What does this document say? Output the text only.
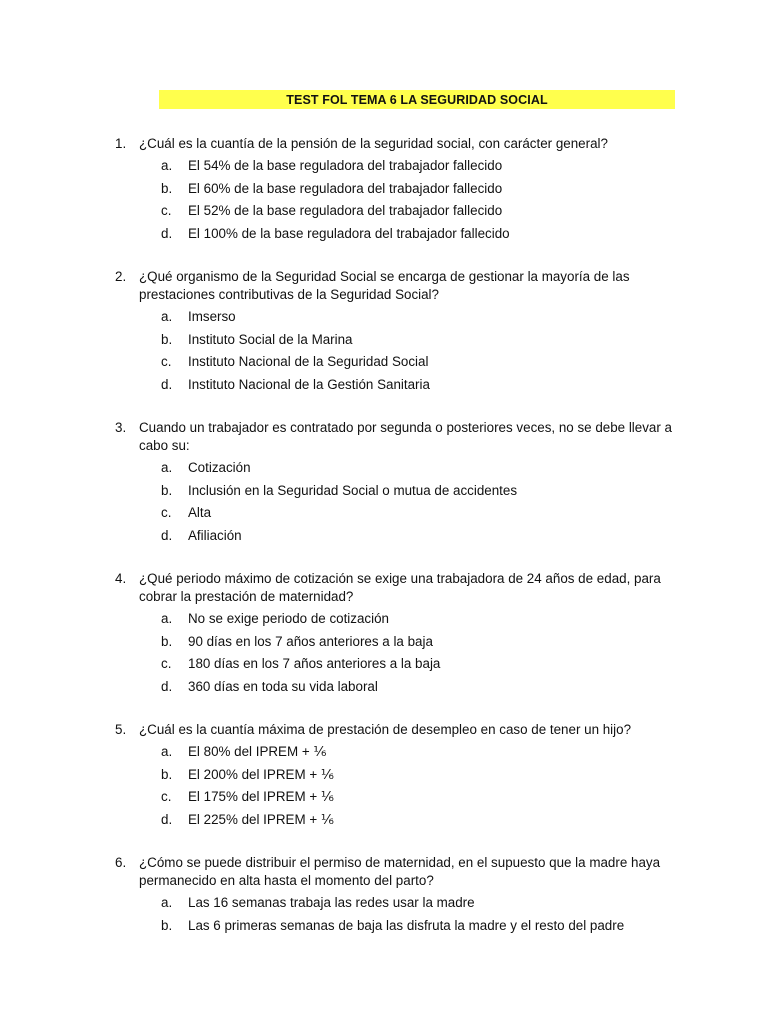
TEST FOL TEMA 6 LA SEGURIDAD SOCIAL
1. ¿Cuál es la cuantía de la pensión de la seguridad social, con carácter general?
a. El 54% de la base reguladora del trabajador fallecido
b. El 60% de la base reguladora del trabajador fallecido
c. El 52% de la base reguladora del trabajador fallecido
d. El 100% de la base reguladora del trabajador fallecido
2. ¿Qué organismo de la Seguridad Social se encarga de gestionar la mayoría de las prestaciones contributivas de la Seguridad Social?
a. Imserso
b. Instituto Social de la Marina
c. Instituto Nacional de la Seguridad Social
d. Instituto Nacional de la Gestión Sanitaria
3. Cuando un trabajador es contratado por segunda o posteriores veces, no se debe llevar a cabo su:
a. Cotización
b. Inclusión en la Seguridad Social o mutua de accidentes
c. Alta
d. Afiliación
4. ¿Qué periodo máximo de cotización se exige una trabajadora de 24 años de edad, para cobrar la prestación de maternidad?
a. No se exige periodo de cotización
b. 90 días en los 7 años anteriores a la baja
c. 180 días en los 7 años anteriores a la baja
d. 360 días en toda su vida laboral
5. ¿Cuál es la cuantía máxima de prestación de desempleo en caso de tener un hijo?
a. El 80% del IPREM + ⅙
b. El 200% del IPREM + ⅙
c. El 175% del IPREM + ⅙
d. El 225% del IPREM + ⅙
6. ¿Cómo se puede distribuir el permiso de maternidad, en el supuesto que la madre haya permanecido en alta hasta el momento del parto?
a. Las 16 semanas trabaja las redes usar la madre
b. Las 6 primeras semanas de baja las disfruta la madre y el resto del padre
